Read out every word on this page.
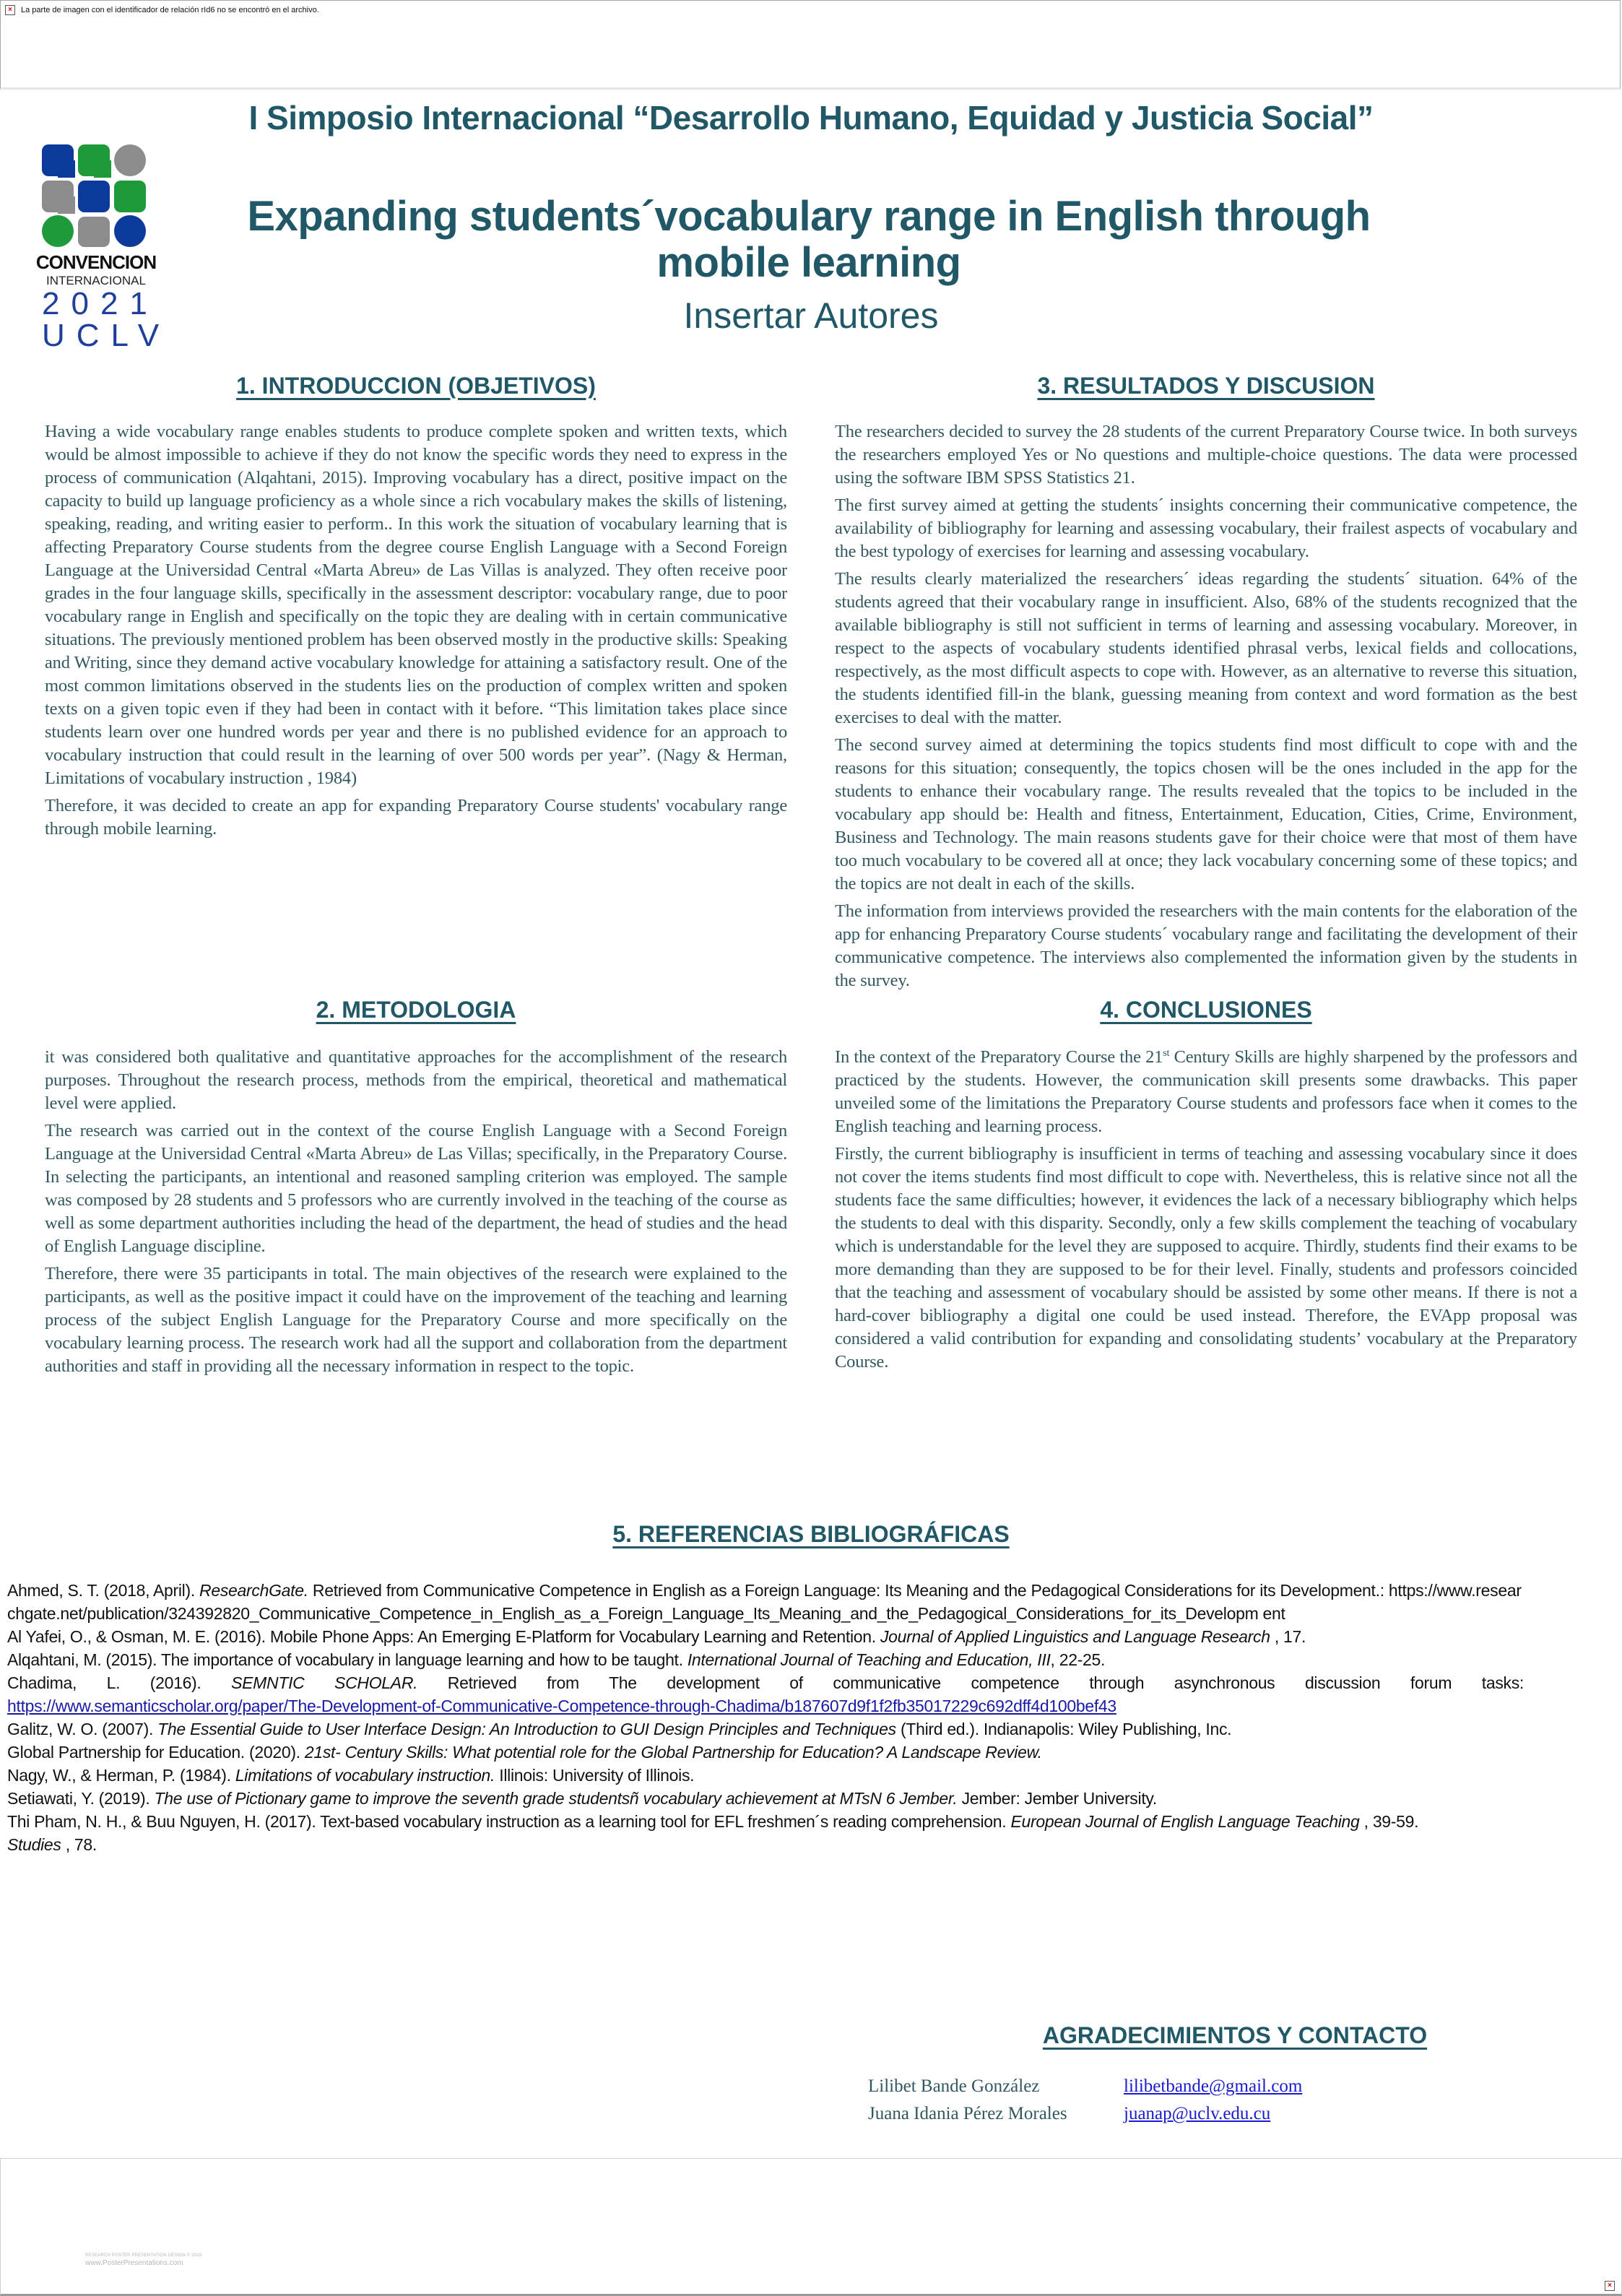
×	La parte de imagen con el identificador de relación rId6 no se encontró en el archivo.
I Simposio Internacional “Desarrollo Humano, Equidad y Justicia Social”
CONVENCION
INTERNACIONAL
2021
UCLV
Expanding students´vocabulary range in English through mobile learning
Insertar Autores
1. INTRODUCCION (OBJETIVOS)

Having a wide vocabulary range enables students to produce complete spoken and written texts, which would be almost impossible to achieve if they do not know the specific words they need to express in the process of communication (Alqahtani, 2015). Improving vocabulary has a direct, positive impact on the capacity to build up language proficiency as a whole since a rich vocabulary makes the skills of listening, speaking, reading, and writing easier to perform.. In this work the situation of vocabulary learning that is affecting Preparatory Course students from the degree course English Language with a Second Foreign Language at the Universidad Central «Marta Abreu» de Las Villas is analyzed. They often receive poor grades in the four language skills, specifically in the assessment descriptor: vocabulary range, due to poor vocabulary range in English and specifically on the topic they are dealing with in certain communicative situations. The previously mentioned problem has been observed mostly in the productive skills: Speaking and Writing, since they demand active vocabulary knowledge for attaining a satisfactory result. One of the most common limitations observed in the students lies on the production of complex written and spoken texts on a given topic even if they had been in contact with it before. “This limitation takes place since students learn over one hundred words per year and there is no published evidence for an approach to vocabulary instruction that could result in the learning of over 500 words per year”. (Nagy & Herman, Limitations of vocabulary instruction , 1984)

Therefore, it was decided to create an app for expanding Preparatory Course students' vocabulary range through mobile learning.

2. METODOLOGIA

it was considered both qualitative and quantitative approaches for the accomplishment of the research purposes. Throughout the research process, methods from the empirical, theoretical and mathematical level were applied.

The research was carried out in the context of the course English Language with a Second Foreign Language at the Universidad Central «Marta Abreu» de Las Villas; specifically, in the Preparatory Course. In selecting the participants, an intentional and reasoned sampling criterion was employed. The sample was composed by 28 students and 5 professors who are currently involved in the teaching of the course as well as some department authorities including the head of the department, the head of studies and the head of English Language discipline.

Therefore, there were 35 participants in total. The main objectives of the research were explained to the participants, as well as the positive impact it could have on the improvement of the teaching and learning process of the subject English Language for the Preparatory Course and more specifically on the vocabulary learning process. The research work had all the support and collaboration from the department authorities and staff in providing all the necessary information in respect to the topic.

3. RESULTADOS Y DISCUSION

The researchers decided to survey the 28 students of the current Preparatory Course twice. In both surveys the researchers employed Yes or No questions and multiple-choice questions. The data were processed using the software IBM SPSS Statistics 21.

The first survey aimed at getting the students´ insights concerning their communicative competence, the availability of bibliography for learning and assessing vocabulary, their frailest aspects of vocabulary and the best typology of exercises for learning and assessing vocabulary.

The results clearly materialized the researchers´ ideas regarding the students´ situation. 64% of the students agreed that their vocabulary range in insufficient. Also, 68% of the students recognized that the available bibliography is still not sufficient in terms of learning and assessing vocabulary. Moreover, in respect to the aspects of vocabulary students identified phrasal verbs, lexical fields and collocations, respectively, as the most difficult aspects to cope with. However, as an alternative to reverse this situation, the students identified fill-in the blank, guessing meaning from context and word formation as the best exercises to deal with the matter.

The second survey aimed at determining the topics students find most difficult to cope with and the reasons for this situation; consequently, the topics chosen will be the ones included in the app for the students to enhance their vocabulary range. The results revealed that the topics to be included in the vocabulary app should be: Health and fitness, Entertainment, Education, Cities, Crime, Environment, Business and Technology. The main reasons students gave for their choice were that most of them have too much vocabulary to be covered all at once; they lack vocabulary concerning some of these topics; and the topics are not dealt in each of the skills.

The information from interviews provided the researchers with the main contents for the elaboration of the app for enhancing Preparatory Course students´ vocabulary range and facilitating the development of their communicative competence. The interviews also complemented the information given by the students in the survey.

4. CONCLUSIONES

In the context of the Preparatory Course the 21st Century Skills are highly sharpened by the professors and practiced by the students. However, the communication skill presents some drawbacks. This paper unveiled some of the limitations the Preparatory Course students and professors face when it comes to the English teaching and learning process.

Firstly, the current bibliography is insufficient in terms of teaching and assessing vocabulary since it does not cover the items students find most difficult to cope with. Nevertheless, this is relative since not all the students face the same difficulties; however, it evidences the lack of a necessary bibliography which helps the students to deal with this disparity. Secondly, only a few skills complement the teaching of vocabulary which is understandable for the level they are supposed to acquire. Thirdly, students find their exams to be more demanding than they are supposed to be for their level. Finally, students and professors coincided that the teaching and assessment of vocabulary should be assisted by some other means. If there is not a hard-cover bibliography a digital one could be used instead. Therefore, the EVApp proposal was considered a valid contribution for expanding and consolidating students’ vocabulary at the Preparatory Course.

5. REFERENCIAS BIBLIOGRÁFICAS

Ahmed, S. T. (2018, April). ResearchGate. Retrieved from Communicative Competence in English as a Foreign Language: Its Meaning and the Pedagogical Considerations for its Development.: https://www.researchgate.net/publication/324392820_Communicative_Competence_in_English_as_a_Foreign_Language_Its_Meaning_and_the_Pedagogical_Considerations_for_its_Developm ent

Al Yafei, O., & Osman, M. E. (2016). Mobile Phone Apps: An Emerging E-Platform for Vocabulary Learning and Retention. Journal of Applied Linguistics and Language Research , 17.

Alqahtani, M. (2015). The importance of vocabulary in language learning and how to be taught. International Journal of Teaching and Education, III, 22-25.

Chadima, L. (2016). SEMNTIC SCHOLAR. Retrieved from The development of communicative competence through asynchronous discussion forum tasks:

https://www.semanticscholar.org/paper/The-Development-of-Communicative-Competence-through-Chadima/b187607d9f1f2fb35017229c692dff4d100bef43

Galitz, W. O. (2007). The Essential Guide to User Interface Design: An Introduction to GUI Design Principles and Techniques (Third ed.). Indianapolis: Wiley Publishing, Inc.

Global Partnership for Education. (2020). 21st- Century Skills: What potential role for the Global Partnership for Education? A Landscape Review.

Nagy, W., & Herman, P. (1984). Limitations of vocabulary instruction. Illinois: University of Illinois.

Setiawati, Y. (2019). The use of Pictionary game to improve the seventh grade studentsñ vocabulary achievement at MTsN 6 Jember. Jember: Jember University.

Thi Pham, N. H., & Buu Nguyen, H. (2017). Text-based vocabulary instruction as a learning tool for EFL freshmen´s reading comprehension. European Journal of English Language Teaching , 39-59.

Studies , 78.

AGRADECIMIENTOS Y CONTACTO
Lilibet Bande González	lilibetbande@gmail.com
Juana Idania Pérez Morales	juanap@uclv.edu.cu
RESEARCH POSTER PRESENTATION DESIGN © 2019
www.PosterPresentations.com
×
